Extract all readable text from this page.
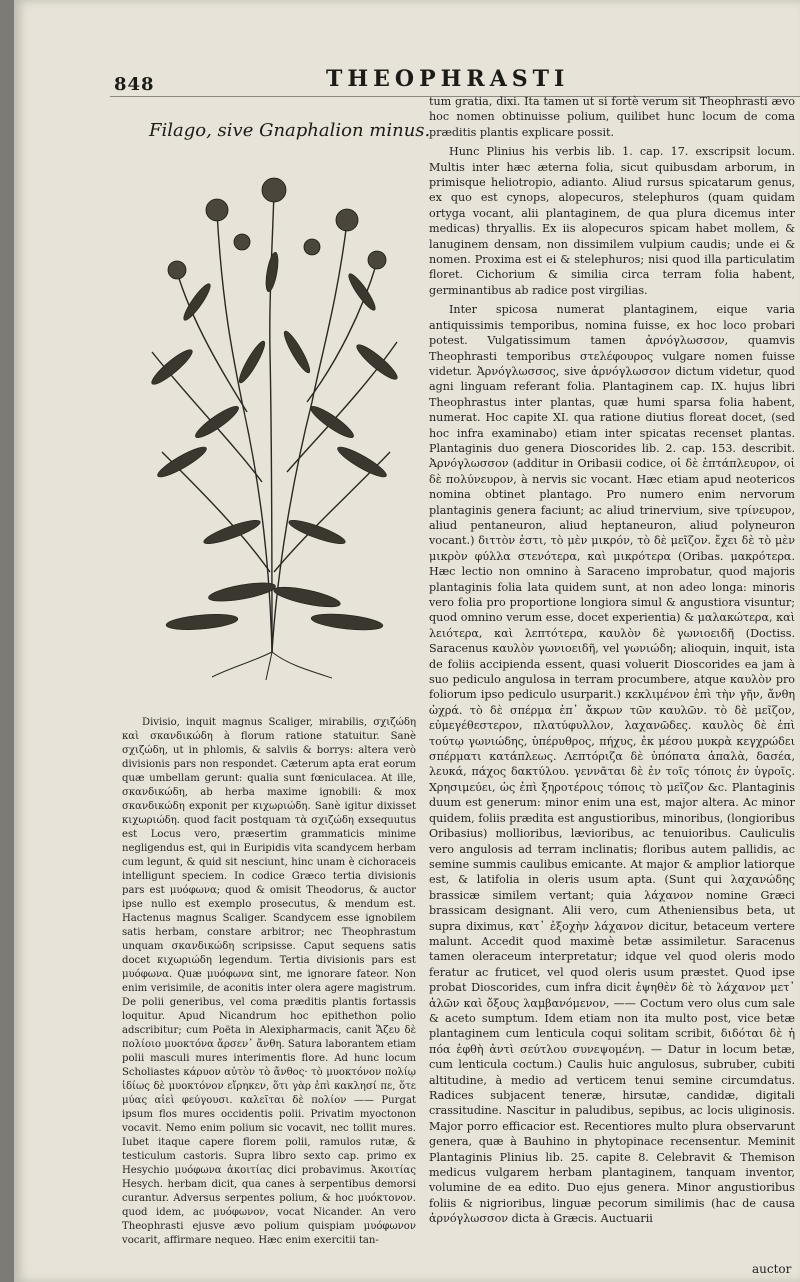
848	THEOPHRASTI
Filago, sive Gnaphalion minus.

tum gratia, dixi. Ita tamen ut si fortè verum sit Theophrasti ævo hoc nomen obtinuisse polium, quilibet hunc locum de coma præditis plantis explicare possit.

Hunc Plinius his verbis lib. 1. cap. 17. exscripsit locum. Multis inter hæc æterna folia, sicut quibusdam arborum, in primisque heliotropio, adianto. Aliud rursus spicatarum genus, ex quo est cynops, alopecuros, stelephuros (quam quidam ortyga vocant, alii plantaginem, de qua plura dicemus inter medicas) thryallis. Ex iis alopecuros spicam habet mollem, & lanuginem densam, non dissimilem vulpium caudis; unde ei & nomen. Proxima est ei & stelephuros; nisi quod illa particulatim floret. Cichorium & similia circa terram folia habent, germinantibus ab radice post virgilias.

Inter spicosa numerat plantaginem, eique varia antiquissimis temporibus, nomina fuisse, ex hoc loco probari potest. Vulgatissimum tamen ἀρνόγλωσσον, quamvis Theophrasti temporibus στελέφουρος vulgare nomen fuisse videtur. Ἀρνόγλωσσος, sive ἀρνόγλωσσον dictum videtur, quod agni linguam referant folia. Plantaginem cap. IX. hujus libri Theophrastus inter plantas, quæ humi sparsa folia habent, numerat. Hoc capite XI. qua ratione diutius floreat docet, (sed hoc infra examinabo) etiam inter spicatas recenset plantas. Plantaginis duo genera Dioscorides lib. 2. cap. 153. describit. Ἀρνόγλωσσον (additur in Oribasii codice, οἱ δὲ ἑπτάπλευρον, οἱ δὲ πολύνευρον, à nervis sic vocant. Hæc etiam apud neotericos nomina obtinet plantago. Pro numero enim nervorum plantaginis genera faciunt; ac aliud trinervium, sive τρίνευρον, aliud pentaneuron, aliud heptaneuron, aliud polyneuron vocant.) διττὸν ἐστι, τὸ μὲν μικρόν, τὸ δὲ μεῖζον. ἔχει δὲ τὸ μὲν μικρὸν φύλλα στενότερα, καὶ μικρότερα (Oribas. μακρότερα. Hæc lectio non omnino à Saraceno improbatur, quod majoris plantaginis folia lata quidem sunt, at non adeo longa: minoris vero folia pro proportione longiora simul & angustiora visuntur; quod omnino verum esse, docet experientia) & μαλακώτερα, καὶ λειότερα, καὶ λεπτότερα, καυλὸν δὲ γωνιοειδῆ (Doctiss. Saracenus καυλὸν γωνιοειδῆ, vel γωνιώδη; alioquin, inquit, ista de foliis accipienda essent, quasi voluerit Dioscorides ea jam à suo pediculo angulosa in terram procumbere, atque καυλὸν pro foliorum ipso pediculo usurparit.) κεκλιμένον ἐπὶ τὴν γῆν, ἄνθη ὠχρά. τὸ δὲ σπέρμα ἐπ᾿ ἄκρων τῶν καυλῶν. τὸ δὲ μεῖζον, εὐμεγέθεστερον, πλατύφυλλον, λαχανῶδες. καυλὸς δὲ ἐπὶ τούτῳ γωνιώδης, ὑπέρυθρος, πήχυς, ἐκ μέσου μυκρὰ κεγχρώδει σπέρματι κατάπλεως. Λεπτόριζα δὲ ὑπόπατα ἁπαλὰ, δασέα, λευκά, πάχος δακτύλου. γεννᾶται δὲ ἐν τοῖς τόποις ἐν ὑγροῖς. Χρησιμεύει, ὡς ἐπὶ ξηροτέροις τόποις τὸ μεῖζον &c. Plantaginis duum est generum: minor enim una est, major altera. Ac minor quidem, foliis prædita est angustioribus, minoribus, (longioribus Oribasius) mollioribus, lævioribus, ac tenuioribus. Cauliculis vero angulosis ad terram inclinatis; floribus autem pallidis, ac semine summis caulibus emicante. At major & amplior latiorque est, & latifolia in oleris usum apta. (Sunt qui λαχανώδης brassicæ similem vertant; quia λάχανον nomine Græci brassicam designant. Alii vero, cum Atheniensibus beta, ut supra diximus, κατ᾿ ἐξοχὴν λάχανον dicitur, betaceum vertere malunt. Accedit quod maximè betæ assimiletur. Saracenus tamen oleraceum interpretatur; idque vel quod oleris modo feratur ac fruticet, vel quod oleris usum præstet. Quod ipse probat Dioscorides, cum infra dicit ἑψηθὲν δὲ τὸ λάχανον μετ᾿ ἁλῶν καὶ ὄξους λαμβανόμενον, —— Coctum vero olus cum sale & aceto sumptum. Idem etiam non ita multo post, vice betæ plantaginem cum lenticula coqui solitam scribit, διδόται δὲ ἡ πόα ἑφθὴ ἀντὶ σεύτλου συνεψομένη. — Datur in locum betæ, cum lenticula coctum.) Caulis huic angulosus, subruber, cubiti altitudine, à medio ad verticem tenui semine circumdatus. Radices subjacent teneræ, hirsutæ, candidæ, digitali crassitudine. Nascitur in paludibus, sepibus, ac locis uliginosis. Major porro efficacior est. Recentiores multo plura observarunt genera, quæ à Bauhino in phytopinace recensentur. Meminit Plantaginis Plinius lib. 25. capite 8. Celebravit & Themison medicus vulgarem herbam plantaginem, tanquam inventor, volumine de ea edito. Duo ejus genera. Minor angustioribus foliis & nigrioribus, linguæ pecorum similimis (hac de causa ἀρνόγλωσσον dicta à Græcis. Auctuarii

Divisio, inquit magnus Scaliger, mirabilis, σχιζώδη καὶ σκανδικώδη à florum ratione statuitur. Sanè σχιζώδη, ut in phlomis, & salviis & borrys: altera verò divisionis pars non respondet. Cæterum apta erat eorum quæ umbellam gerunt: qualia sunt fœniculacea. At ille, σκανδικώδη, ab herba maxime ignobili: & mox σκανδικώδη exponit per κιχωριώδη. Sanè igitur dixisset κιχωριώδη. quod facit postquam τὰ σχιζώδη exsequutus est Locus vero, præsertim grammaticis minime negligendus est, qui in Euripidis vita scandycem herbam cum legunt, & quid sit nesciunt, hinc unam è cichoraceis intelligunt speciem. In codice Græco tertia divisionis pars est μυόφωνα; quod & omisit Theodorus, & auctor ipse nullo est exemplo prosecutus, & mendum est. Hactenus magnus Scaliger. Scandycem esse ignobilem satis herbam, constare arbitror; nec Theophrastum unquam σκανδικώδη scripsisse. Caput sequens satis docet κιχωριώδη legendum. Tertia divisionis pars est μυόφωνα. Quæ μυόφωνα sint, me ignorare fateor. Non enim verisimile, de aconitis inter olera agere magistrum. De polii generibus, vel coma præditis plantis fortassis loquitur. Apud Nicandrum hoc epithethon polio adscribitur; cum Poëta in Alexipharmacis, canit Ἄζευ δὲ πολίοιο μυοκτόνα ἄρσεν᾿ ἄνθη. Satura laborantem etiam polii masculi mures interimentis flore. Ad hunc locum Scholiastes κάρυον αὐτὸν τὸ ἄνθος· τὸ μυοκτόνον πολίῳ ἰδίως δὲ μυοκτόνον εἴρηκεν, ὅτι γὰρ ἐπὶ κακλησί πε, ὅτε μύας αἰεὶ φεύγουσι. καλεῖται δὲ πολίον —— Purgat ipsum flos mures occidentis polii. Privatim myoctonon vocavit. Nemo enim polium sic vocavit, nec tollit mures. Iubet itaque capere florem polii, ramulos rutæ, & testiculum castoris. Supra libro sexto cap. primo ex Hesychio μυόφωνα ἀκοιτίας dici probavimus. Ἀκοιτίας Hesych. herbam dicit, qua canes à serpentibus demorsi curantur. Adversus serpentes polium, & hoc μυόκτονον. quod idem, ac μυόφωνον, vocat Nicander. An vero Theophrasti ejusve ævo polium quispiam μυόφωνον vocarit, affirmare nequeo. Hæc enim exercitii tan-

auctor
